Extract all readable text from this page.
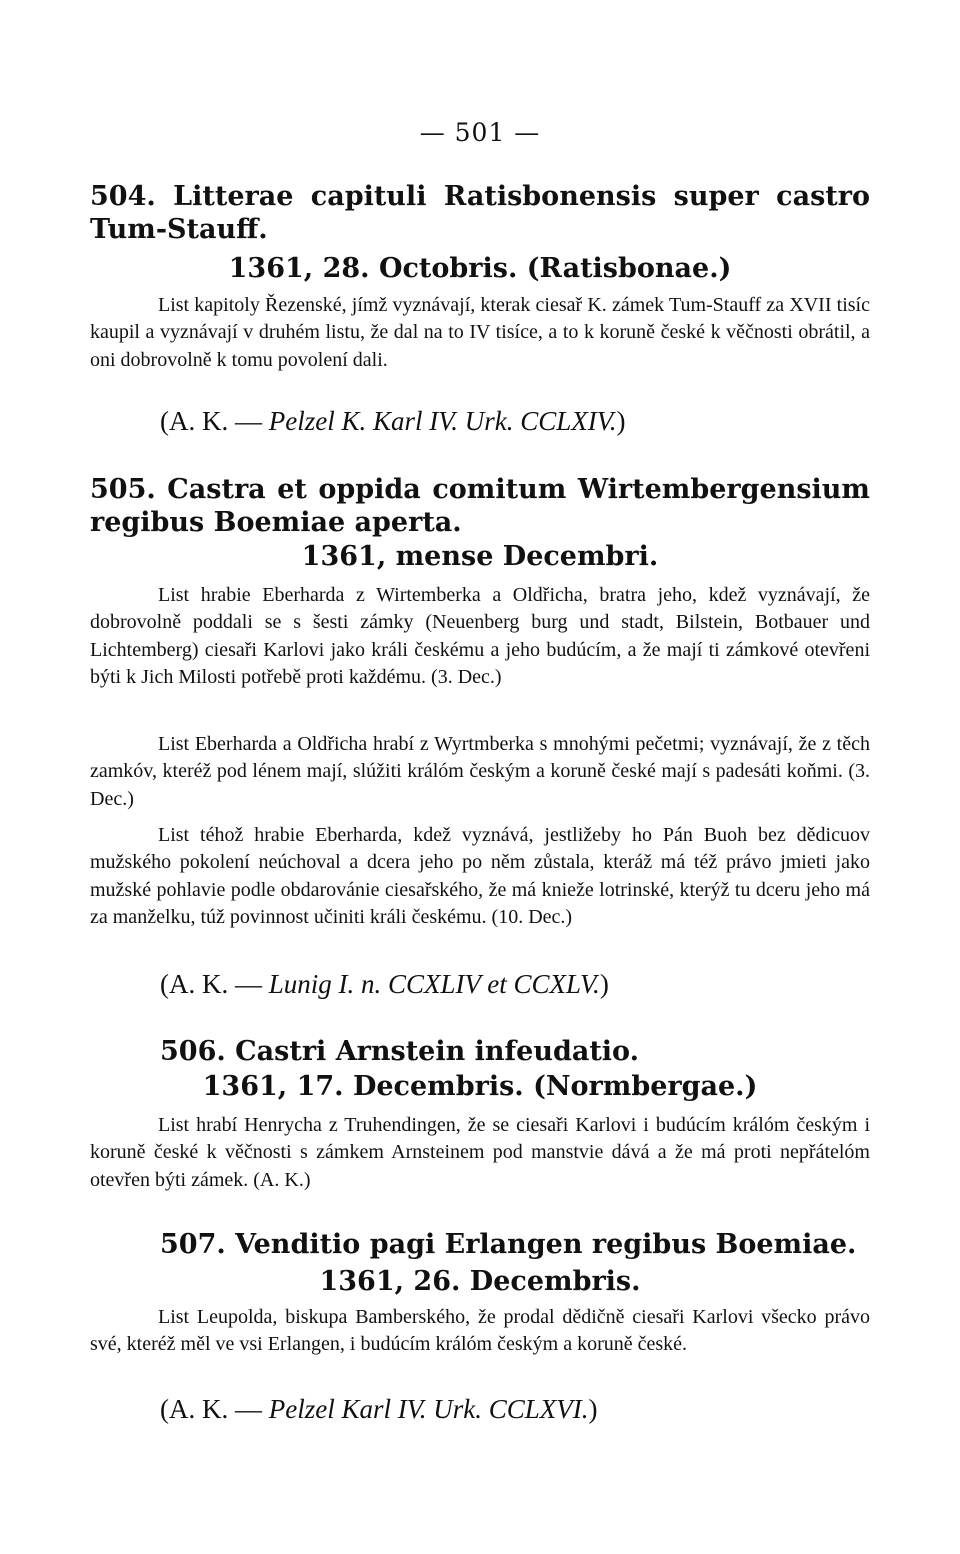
— 501 —
504. Litterae capituli Ratisbonensis super castro Tum-Stauff.
1361, 28. Octobris. (Ratisbonae.)
List kapitoly Řezenské, jímž vyznávají, kterak ciesař K. zámek Tum-Stauff za XVII tisíc kaupil a vyznávají v druhém listu, že dal na to IV tisíce, a to k koruně české k věčnosti obrátil, a oni dobrovolně k tomu povolení dali.
(A. K. — Pelzel K. Karl IV. Urk. CCLXIV.)
505. Castra et oppida comitum Wirtembergensium regibus Boemiae aperta.
1361, mense Decembri.
List hrabie Eberharda z Wirtemberka a Oldřicha, bratra jeho, kdež vyznávají, že dobrovolně poddali se s šesti zámky (Neuenberg burg und stadt, Bilstein, Botbauer und Lichtemberg) ciesaři Karlovi jako králi českému a jeho budúcím, a že mají ti zámkové otevřeni býti k Jich Milosti potřebě proti každému. (3. Dec.)
List Eberharda a Oldřicha hrabí z Wyrtmberka s mnohými pečetmi; vyznávají, že z těch zamkóv, kteréž pod lénem mají, slúžiti králóm českým a koruně české mají s padesáti koňmi. (3. Dec.)
List téhož hrabie Eberharda, kdež vyznává, jestližeby ho Pán Buoh bez dědicuov mužského pokolení neúchoval a dcera jeho po něm zůstala, kteráž má též právo jmieti jako mužské pohlavie podle obdarovánie ciesařského, že má knieže lotrinské, kterýž tu dceru jeho má za manželku, túž povinnost učiniti králi českému. (10. Dec.)
(A. K. — Lunig I. n. CCXLIV et CCXLV.)
506. Castri Arnstein infeudatio.
1361, 17. Decembris. (Normbergae.)
List hrabí Henrycha z Truhendingen, že se ciesaři Karlovi i budúcím králóm českým i koruně české k věčnosti s zámkem Arnsteinem pod manstvie dává a že má proti nepřátelóm otevřen býti zámek. (A. K.)
507. Venditio pagi Erlangen regibus Boemiae.
1361, 26. Decembris.
List Leupolda, biskupa Bamberského, že prodal dědičně ciesaři Karlovi všecko právo své, kteréž měl ve vsi Erlangen, i budúcím králóm českým a koruně české.
(A. K. — Pelzel Karl IV. Urk. CCLXVI.)
